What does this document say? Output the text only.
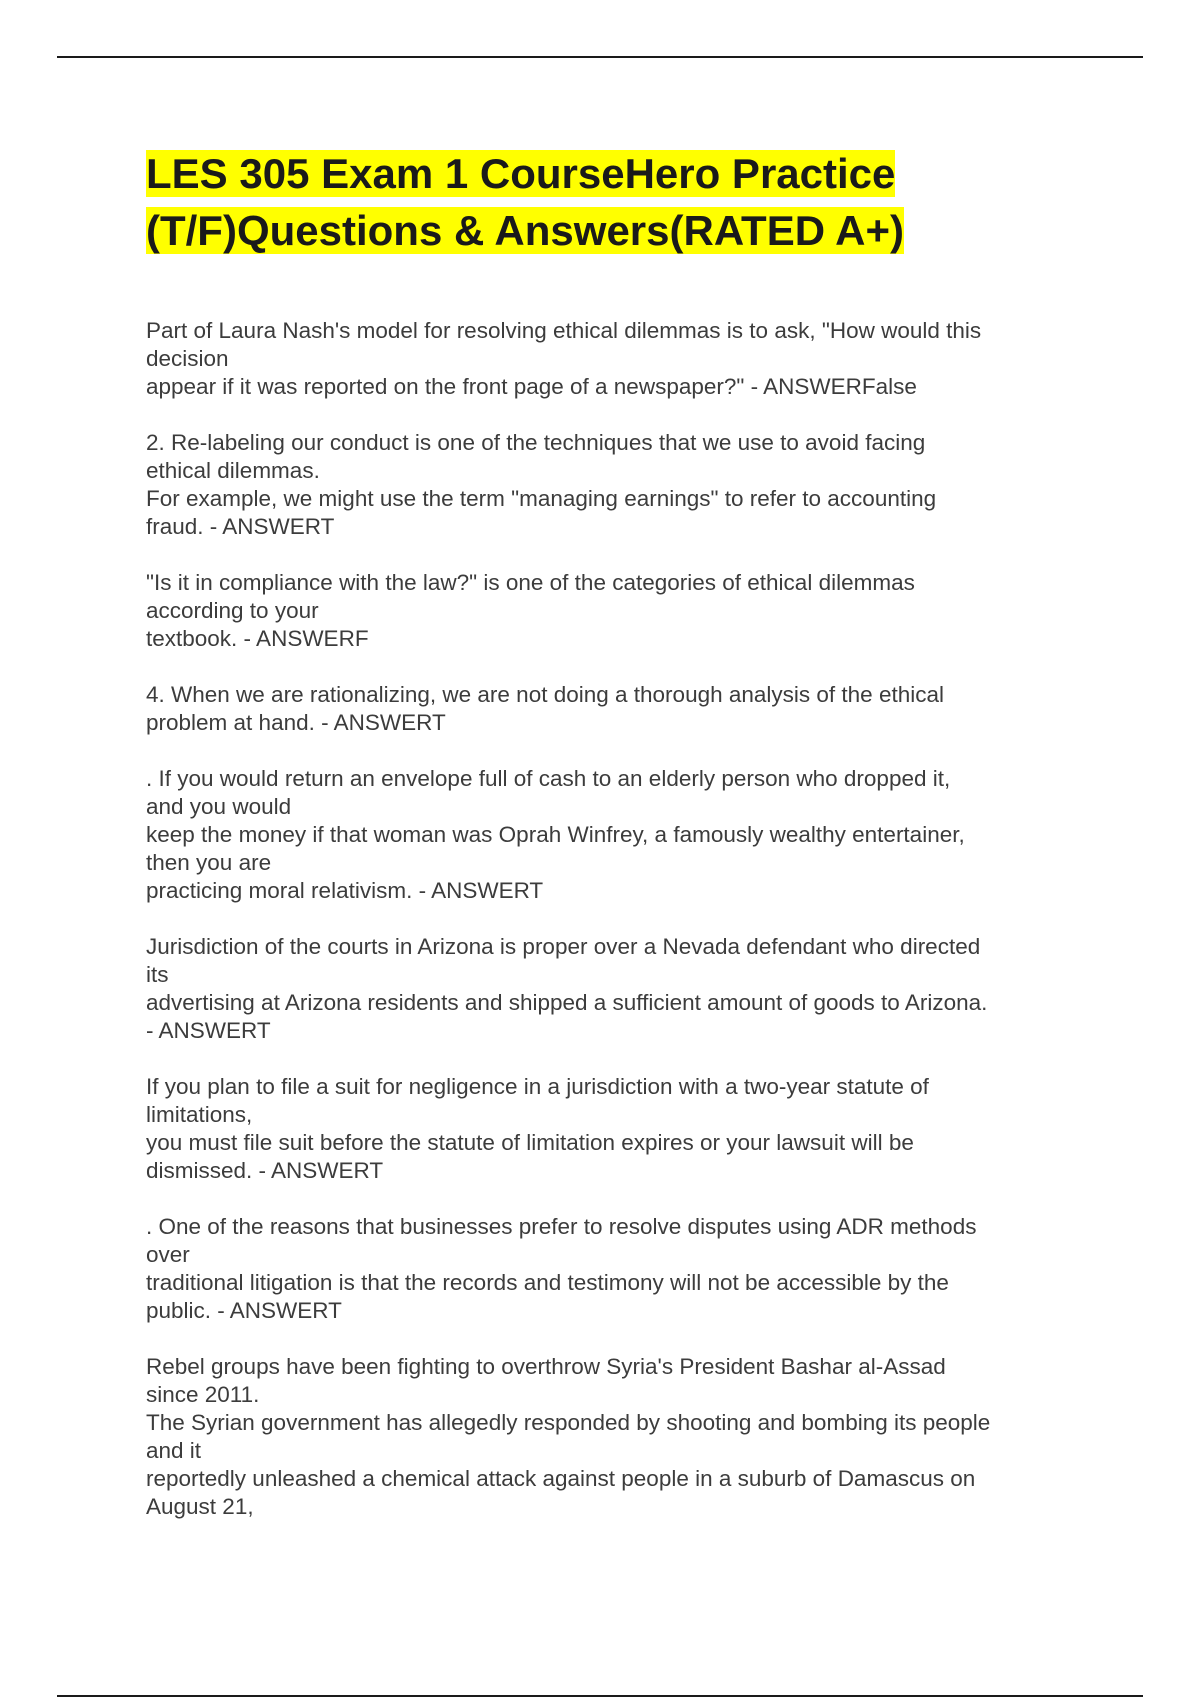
LES 305 Exam 1 CourseHero Practice
(T/F)Questions & Answers(RATED A+)
Part of Laura Nash's model for resolving ethical dilemmas is to ask, "How would this
decision
appear if it was reported on the front page of a newspaper?" - ANSWERFalse
2. Re-labeling our conduct is one of the techniques that we use to avoid facing
ethical dilemmas.
For example, we might use the term "managing earnings" to refer to accounting
fraud. - ANSWERT
"Is it in compliance with the law?" is one of the categories of ethical dilemmas
according to your
textbook. - ANSWERF
4. When we are rationalizing, we are not doing a thorough analysis of the ethical
problem at hand. - ANSWERT
. If you would return an envelope full of cash to an elderly person who dropped it,
and you would
keep the money if that woman was Oprah Winfrey, a famously wealthy entertainer,
then you are
practicing moral relativism. - ANSWERT
Jurisdiction of the courts in Arizona is proper over a Nevada defendant who directed
its
advertising at Arizona residents and shipped a sufficient amount of goods to Arizona.
- ANSWERT
If you plan to file a suit for negligence in a jurisdiction with a two-year statute of
limitations,
you must file suit before the statute of limitation expires or your lawsuit will be
dismissed. - ANSWERT
. One of the reasons that businesses prefer to resolve disputes using ADR methods
over
traditional litigation is that the records and testimony will not be accessible by the
public. - ANSWERT
Rebel groups have been fighting to overthrow Syria's President Bashar al-Assad
since 2011.
The Syrian government has allegedly responded by shooting and bombing its people
and it
reportedly unleashed a chemical attack against people in a suburb of Damascus on
August 21,
